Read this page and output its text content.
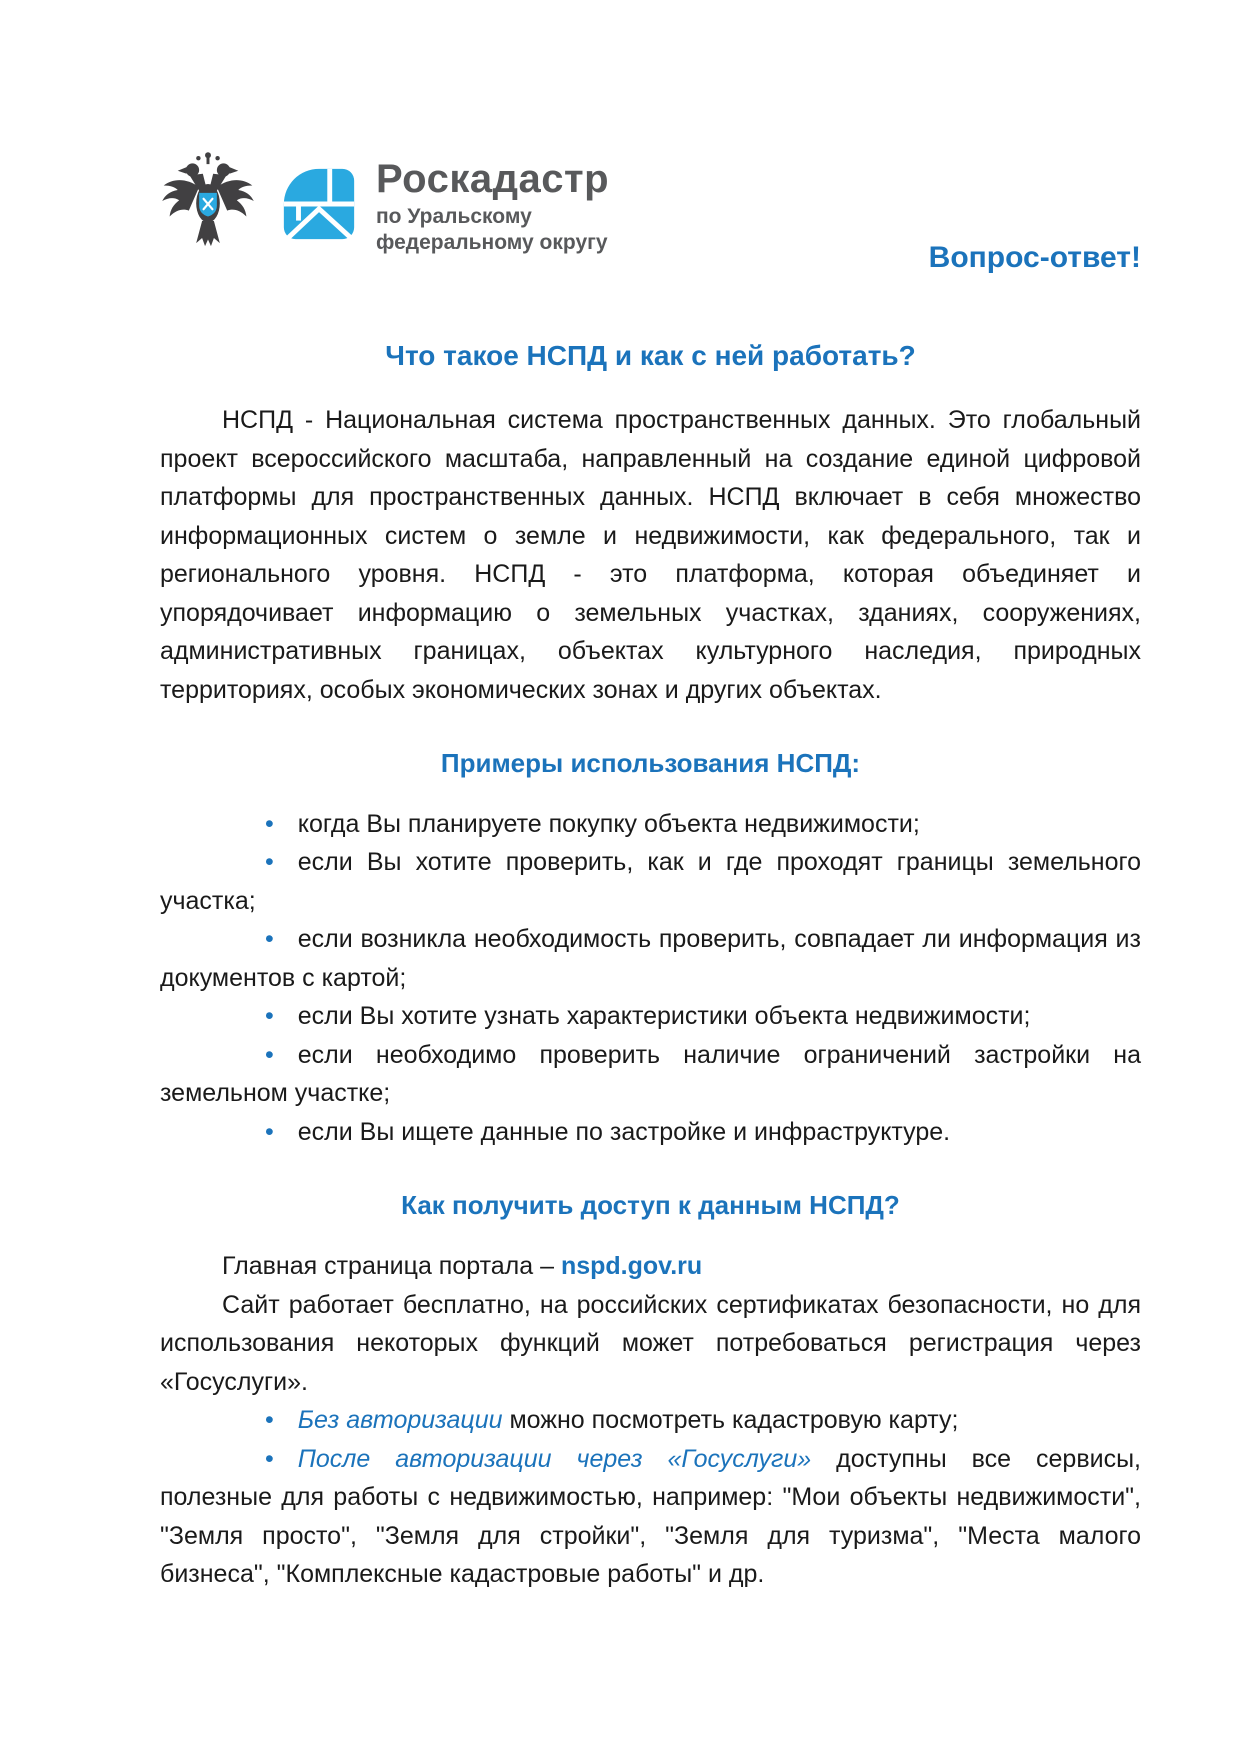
Роскадастр
по Уральскому
федеральному округу	Вопрос-ответ!
Что такое НСПД и как с ней работать?

НСПД - Национальная система пространственных данных. Это глобальный проект всероссийского масштаба, направленный на создание единой цифровой платформы для пространственных данных. НСПД включает в себя множество информационных систем о земле и недвижимости, как федерального, так и регионального уровня. НСПД - это платформа, которая объединяет и упорядочивает информацию о земельных участках, зданиях, сооружениях, административных границах, объектах культурного наследия, природных территориях, особых экономических зонах и других объектах.

Примеры использования НСПД:

• когда Вы планируете покупку объекта недвижимости;

• если Вы хотите проверить, как и где проходят границы земельного участка;

• если возникла необходимость проверить, совпадает ли информация из документов с картой;

• если Вы хотите узнать характеристики объекта недвижимости;

• если необходимо проверить наличие ограничений застройки на земельном участке;

• если Вы ищете данные по застройке и инфраструктуре.

Как получить доступ к данным НСПД?

Главная страница портала – nspd.gov.ru

Сайт работает бесплатно, на российских сертификатах безопасности, но для использования некоторых функций может потребоваться регистрация через «Госуслуги».

• Без авторизации можно посмотреть кадастровую карту;

• После авторизации через «Госуслуги» доступны все сервисы, полезные для работы с недвижимостью, например: "Мои объекты недвижимости", "Земля просто", "Земля для стройки", "Земля для туризма", "Места малого бизнеса", "Комплексные кадастровые работы" и др.
